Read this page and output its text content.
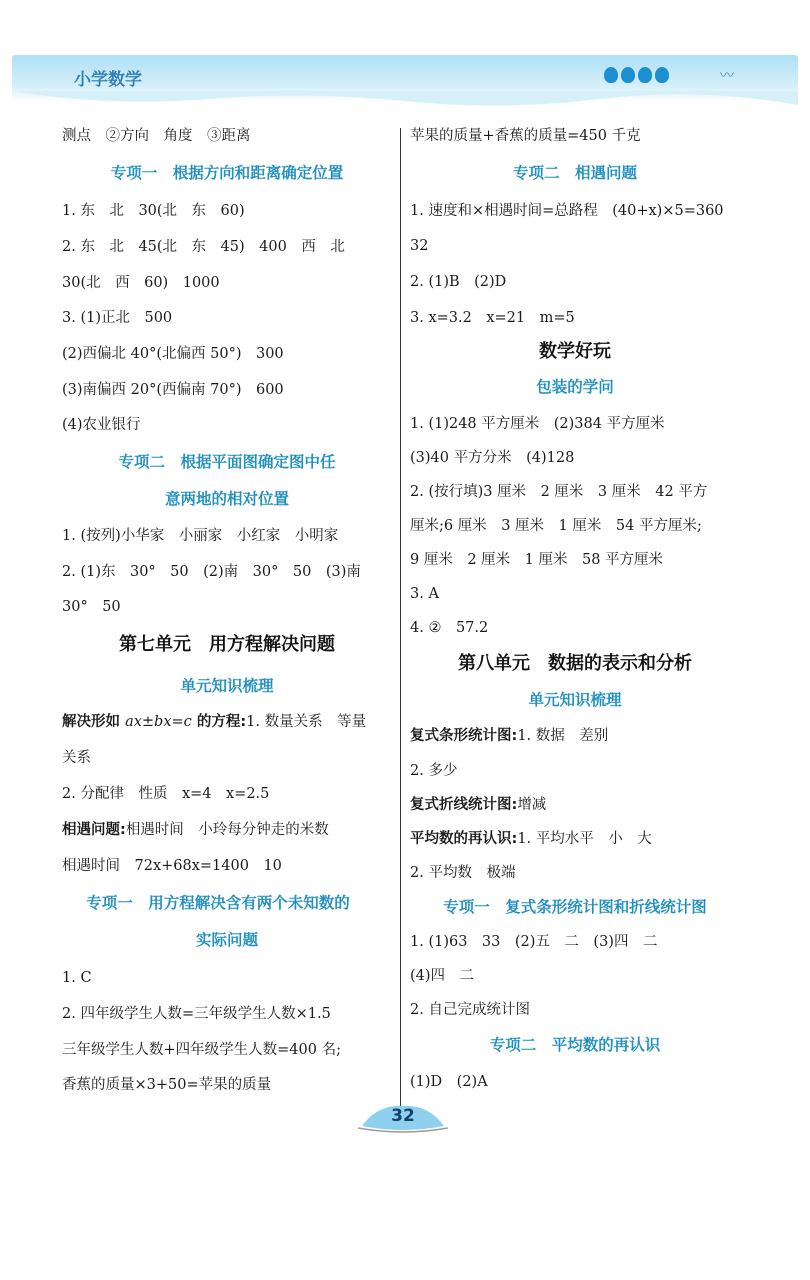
小学数学	〰
测点　②方向　角度　③距离
专项一　根据方向和距离确定位置
1. 东　北　30(北　东　60)
2. 东　北　45(北　东　45)　400　西　北
30(北　西　60)　1000
3. (1)正北　500
(2)西偏北 40°(北偏西 50°)　300
(3)南偏西 20°(西偏南 70°)　600
(4)农业银行
专项二　根据平面图确定图中任
意两地的相对位置
1. (按列)小华家　小丽家　小红家　小明家
2. (1)东　30°　50　(2)南　30°　50　(3)南
30°　50
第七单元　用方程解决问题
单元知识梳理
解决形如 ax±bx=c 的方程:1. 数量关系　等量
关系
2. 分配律　性质　x=4　x=2.5
相遇问题:相遇时间　小玲每分钟走的米数
相遇时间　72x+68x=1400　10
专项一　用方程解决含有两个未知数的
实际问题
1. C
2. 四年级学生人数=三年级学生人数×1.5
三年级学生人数+四年级学生人数=400 名;
香蕉的质量×3+50=苹果的质量
苹果的质量+香蕉的质量=450 千克
专项二　相遇问题
1. 速度和×相遇时间=总路程　(40+x)×5=360
32
2. (1)B　(2)D
3. x=3.2　x=21　m=5
数学好玩
包装的学问
1. (1)248 平方厘米　(2)384 平方厘米
(3)40 平方分米　(4)128
2. (按行填)3 厘米　2 厘米　3 厘米　42 平方
厘米;6 厘米　3 厘米　1 厘米　54 平方厘米;
9 厘米　2 厘米　1 厘米　58 平方厘米
3. A
4. ②　57.2
第八单元　数据的表示和分析
单元知识梳理
复式条形统计图:1. 数据　差别
2. 多少
复式折线统计图:增减
平均数的再认识:1. 平均水平　小　大
2. 平均数　极端
专项一　复式条形统计图和折线统计图
1. (1)63　33　(2)五　二　(3)四　二
(4)四　二
2. 自己完成统计图
专项二　平均数的再认识
(1)D　(2)A
32
